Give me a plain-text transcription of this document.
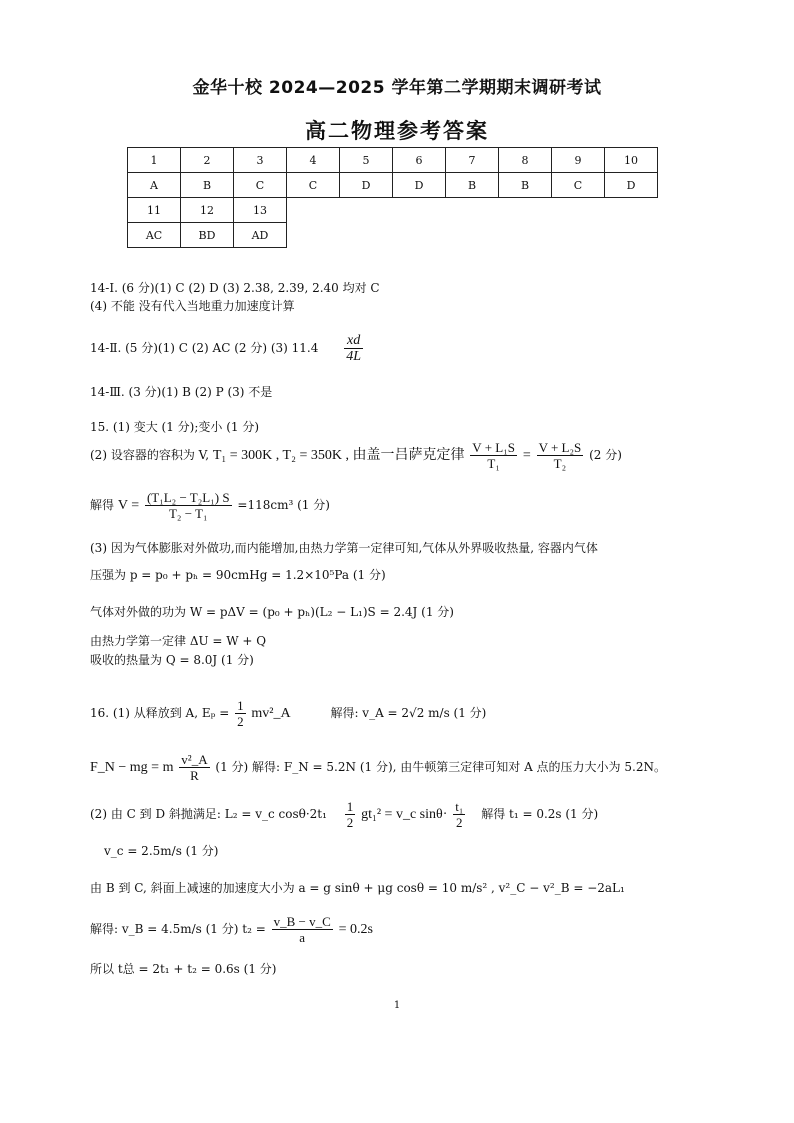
金华十校 2024—2025 学年第二学期期末调研考试
高二物理参考答案
1	2	3	4	5	6	7	8	9	10
A	B	C	C	D	D	B	B	C	D
11	12	13							
AC	BD	AD							
14-Ⅰ. (6 分)(1) C (2) D (3) 2.38, 2.39, 2.40 均对 C
(4) 不能 没有代入当地重力加速度计算
14-Ⅱ. (5 分)(1) C (2) AC (2 分) (3) $11.4 \frac{xd}{4L}$
14-Ⅲ. (3 分)(1) B (2) P (3) 不是
15. (1) 变大 (1 分);变小 (1 分)
(2) 设容器的容积为 V, T₁ = 300K , T₂ = 350K , 由盖一吕萨克定律 $\frac{\text{V + L₁S}}{\text{T₁}} = \frac{\text{V + L₂S}}{\text{T₂}} (2$ 分)
解得 $V = \frac{\text{(T₁L₂ − T₂L₁) S}}{\text{T₂ − T₁}} =118cm^3$ (1 分)
(3) 因为气体膨胀对外做功,而内能增加,由热力学第一定律可知,气体从外界吸收热量, 容器内气体
压强为 p = p₀ + pₕ = 90cmHg = 1.2×10⁵Pa (1 分)
气体对外做的功为 W = pΔV = (p₀ + pₕ)(L₂ − L₁)S = 2.4J (1 分)
由热力学第一定律 ΔU = W + Q
吸收的热量为 Q = 8.0J (1 分)
16. (1) 从释放到 A, $E_p = \frac{1}{2}$ mv²_A	解得: v_A = 2√2 m/s (1 分)
F_N − mg = m $\frac{\text{v²\_A}}{R} (1$ 分) 解得: F_N = 5.2N (1 分), 由牛顿第三定律可知对 A 点的压力大小为 5.2N。
(2) 由 C 到 D 斜抛满足: L₂ = v_c $\cos\theta\cdot 2t_1 \frac{1}{2} gt_1^2$ = v_c $\sin\theta\cdot \frac{\text{t₁}}{2}$ 解得 t₁ = 0.2s (1 分)
v_c = 2.5m/s (1 分)
由 B 到 C, 斜面上减速的加速度大小为 a = g sinθ + μg cosθ = 10 m/s² , v²_C − v²_B = −2aL₁
解得: v_B = 4.5m/s (1 分) $t_2 = \frac{v\_B - v\_C}{a} = 0.2s$
所以 t总 = 2t₁ + t₂ = 0.6s (1 分)
1
